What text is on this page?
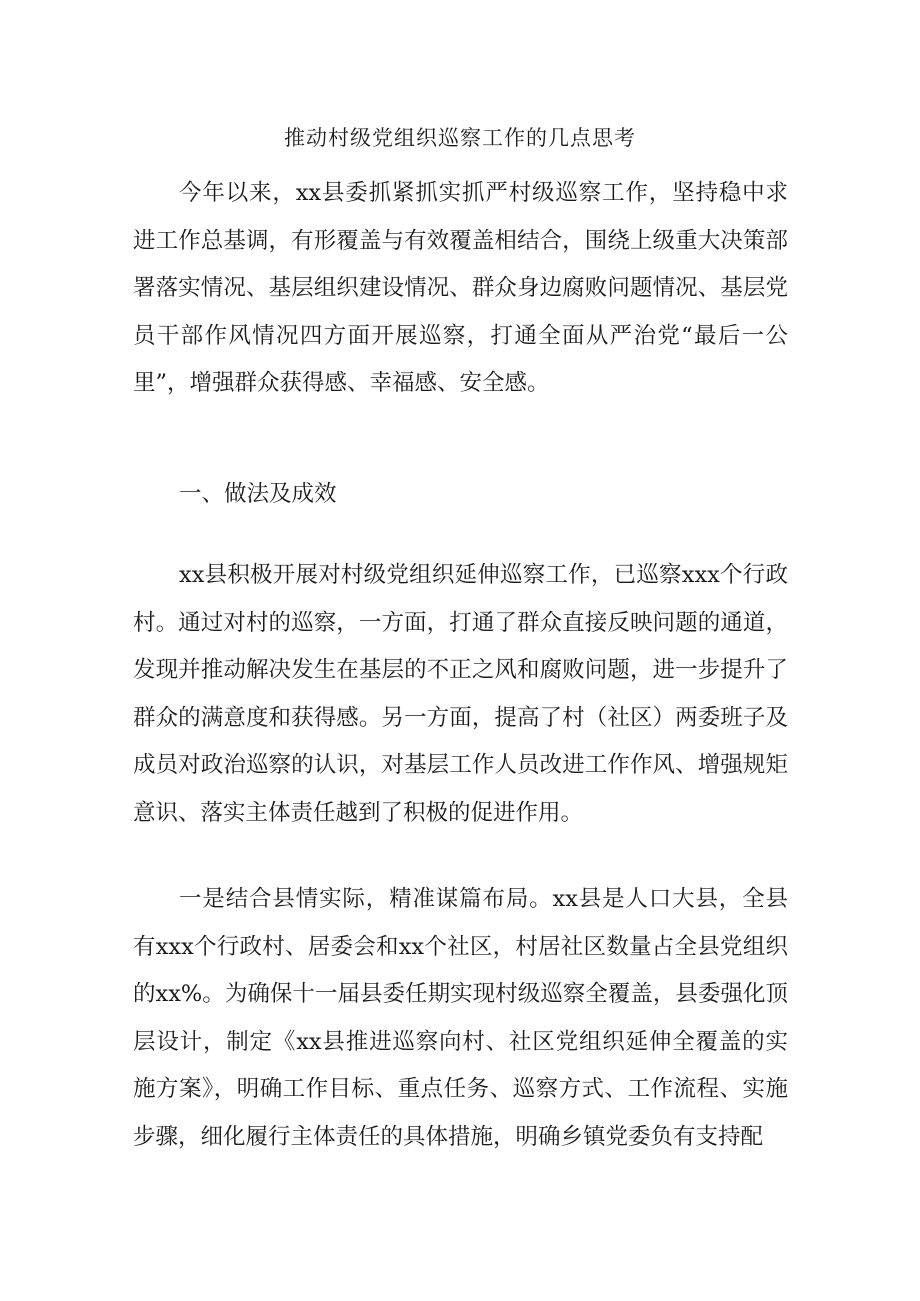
推动村级党组织巡察工作的几点思考

今年以来，xx县委抓紧抓实抓严村级巡察工作，坚持稳中求进工作总基调，有形覆盖与有效覆盖相结合，围绕上级重大决策部署落实情况、基层组织建设情况、群众身边腐败问题情况、基层党员干部作风情况四方面开展巡察，打通全面从严治党“最后一公里”，增强群众获得感、幸福感、安全感。

一、做法及成效

xx县积极开展对村级党组织延伸巡察工作，已巡察xxx个行政村。通过对村的巡察，一方面，打通了群众直接反映问题的通道，发现并推动解决发生在基层的不正之风和腐败问题，进一步提升了群众的满意度和获得感。另一方面，提高了村（社区）两委班子及成员对政治巡察的认识，对基层工作人员改进工作作风、增强规矩意识、落实主体责任越到了积极的促进作用。

一是结合县情实际，精准谋篇布局。xx县是人口大县，全县有xxx个行政村、居委会和xx个社区，村居社区数量占全县党组织的xx%。为确保十一届县委任期实现村级巡察全覆盖，县委强化顶层设计，制定《xx县推进巡察向村、社区党组织延伸全覆盖的实施方案》，明确工作目标、重点任务、巡察方式、工作流程、实施步骤，细化履行主体责任的具体措施，明确乡镇党委负有支持配
